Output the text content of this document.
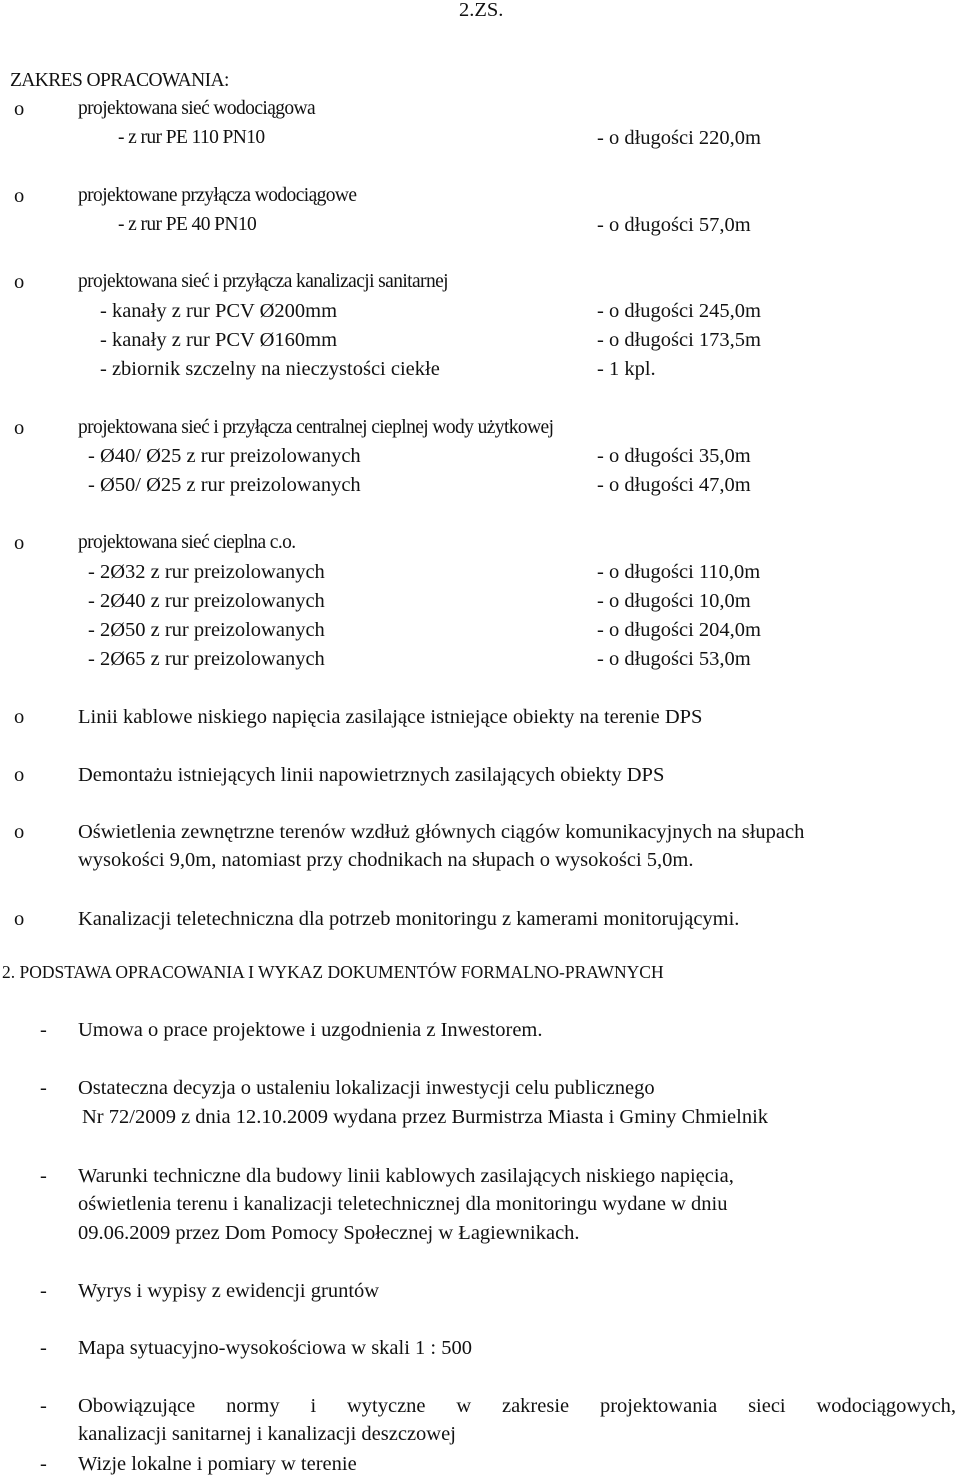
2.ZS.
ZAKRES OPRACOWANIA:
o	projektowana sieć wodociągowa
- z rur PE 110 PN10	- o długości 220,0m
o	projektowane przyłącza wodociągowe
- z rur PE 40 PN10	- o długości 57,0m
o	projektowana sieć i przyłącza kanalizacji sanitarnej
- kanały z rur PCV Ø200mm	- o długości 245,0m
- kanały z rur PCV Ø160mm	- o długości 173,5m
- zbiornik szczelny na nieczystości ciekłe	- 1 kpl.
o	projektowana sieć i przyłącza centralnej cieplnej wody użytkowej
- Ø40/ Ø25 z rur preizolowanych	- o długości 35,0m
- Ø50/ Ø25 z rur preizolowanych	- o długości 47,0m
o	projektowana sieć cieplna c.o.
- 2Ø32 z rur preizolowanych	- o długości 110,0m
- 2Ø40 z rur preizolowanych	- o długości 10,0m
- 2Ø50 z rur preizolowanych	- o długości 204,0m
- 2Ø65 z rur preizolowanych	- o długości 53,0m
o	Linii kablowe niskiego napięcia zasilające istniejące obiekty na terenie DPS
o	Demontażu istniejących linii napowietrznych zasilających obiekty DPS
o	Oświetlenia zewnętrzne terenów wzdłuż głównych ciągów komunikacyjnych na słupach
wysokości 9,0m, natomiast przy chodnikach na słupach o wysokości 5,0m.
o	Kanalizacji teletechniczna dla potrzeb monitoringu z kamerami monitorującymi.
2. PODSTAWA OPRACOWANIA I WYKAZ DOKUMENTÓW FORMALNO-PRAWNYCH
- Umowa o prace projektowe i uzgodnienia z Inwestorem.
- Ostateczna decyzja o ustaleniu lokalizacji inwestycji celu publicznego
Nr 72/2009 z dnia 12.10.2009 wydana przez Burmistrza Miasta i Gminy Chmielnik
- Warunki techniczne dla budowy linii kablowych zasilających niskiego napięcia,
oświetlenia terenu i kanalizacji teletechnicznej dla monitoringu wydane w dniu
09.06.2009 przez Dom Pomocy Społecznej w Łagiewnikach.
- Wyrys i wypisy z ewidencji gruntów
- Mapa sytuacyjno-wysokościowa w skali 1 : 500
- Obowiązujące normy i wytyczne w zakresie projektowania sieci wodociągowych,
kanalizacji sanitarnej i kanalizacji deszczowej
- Wizje lokalne i pomiary w terenie
